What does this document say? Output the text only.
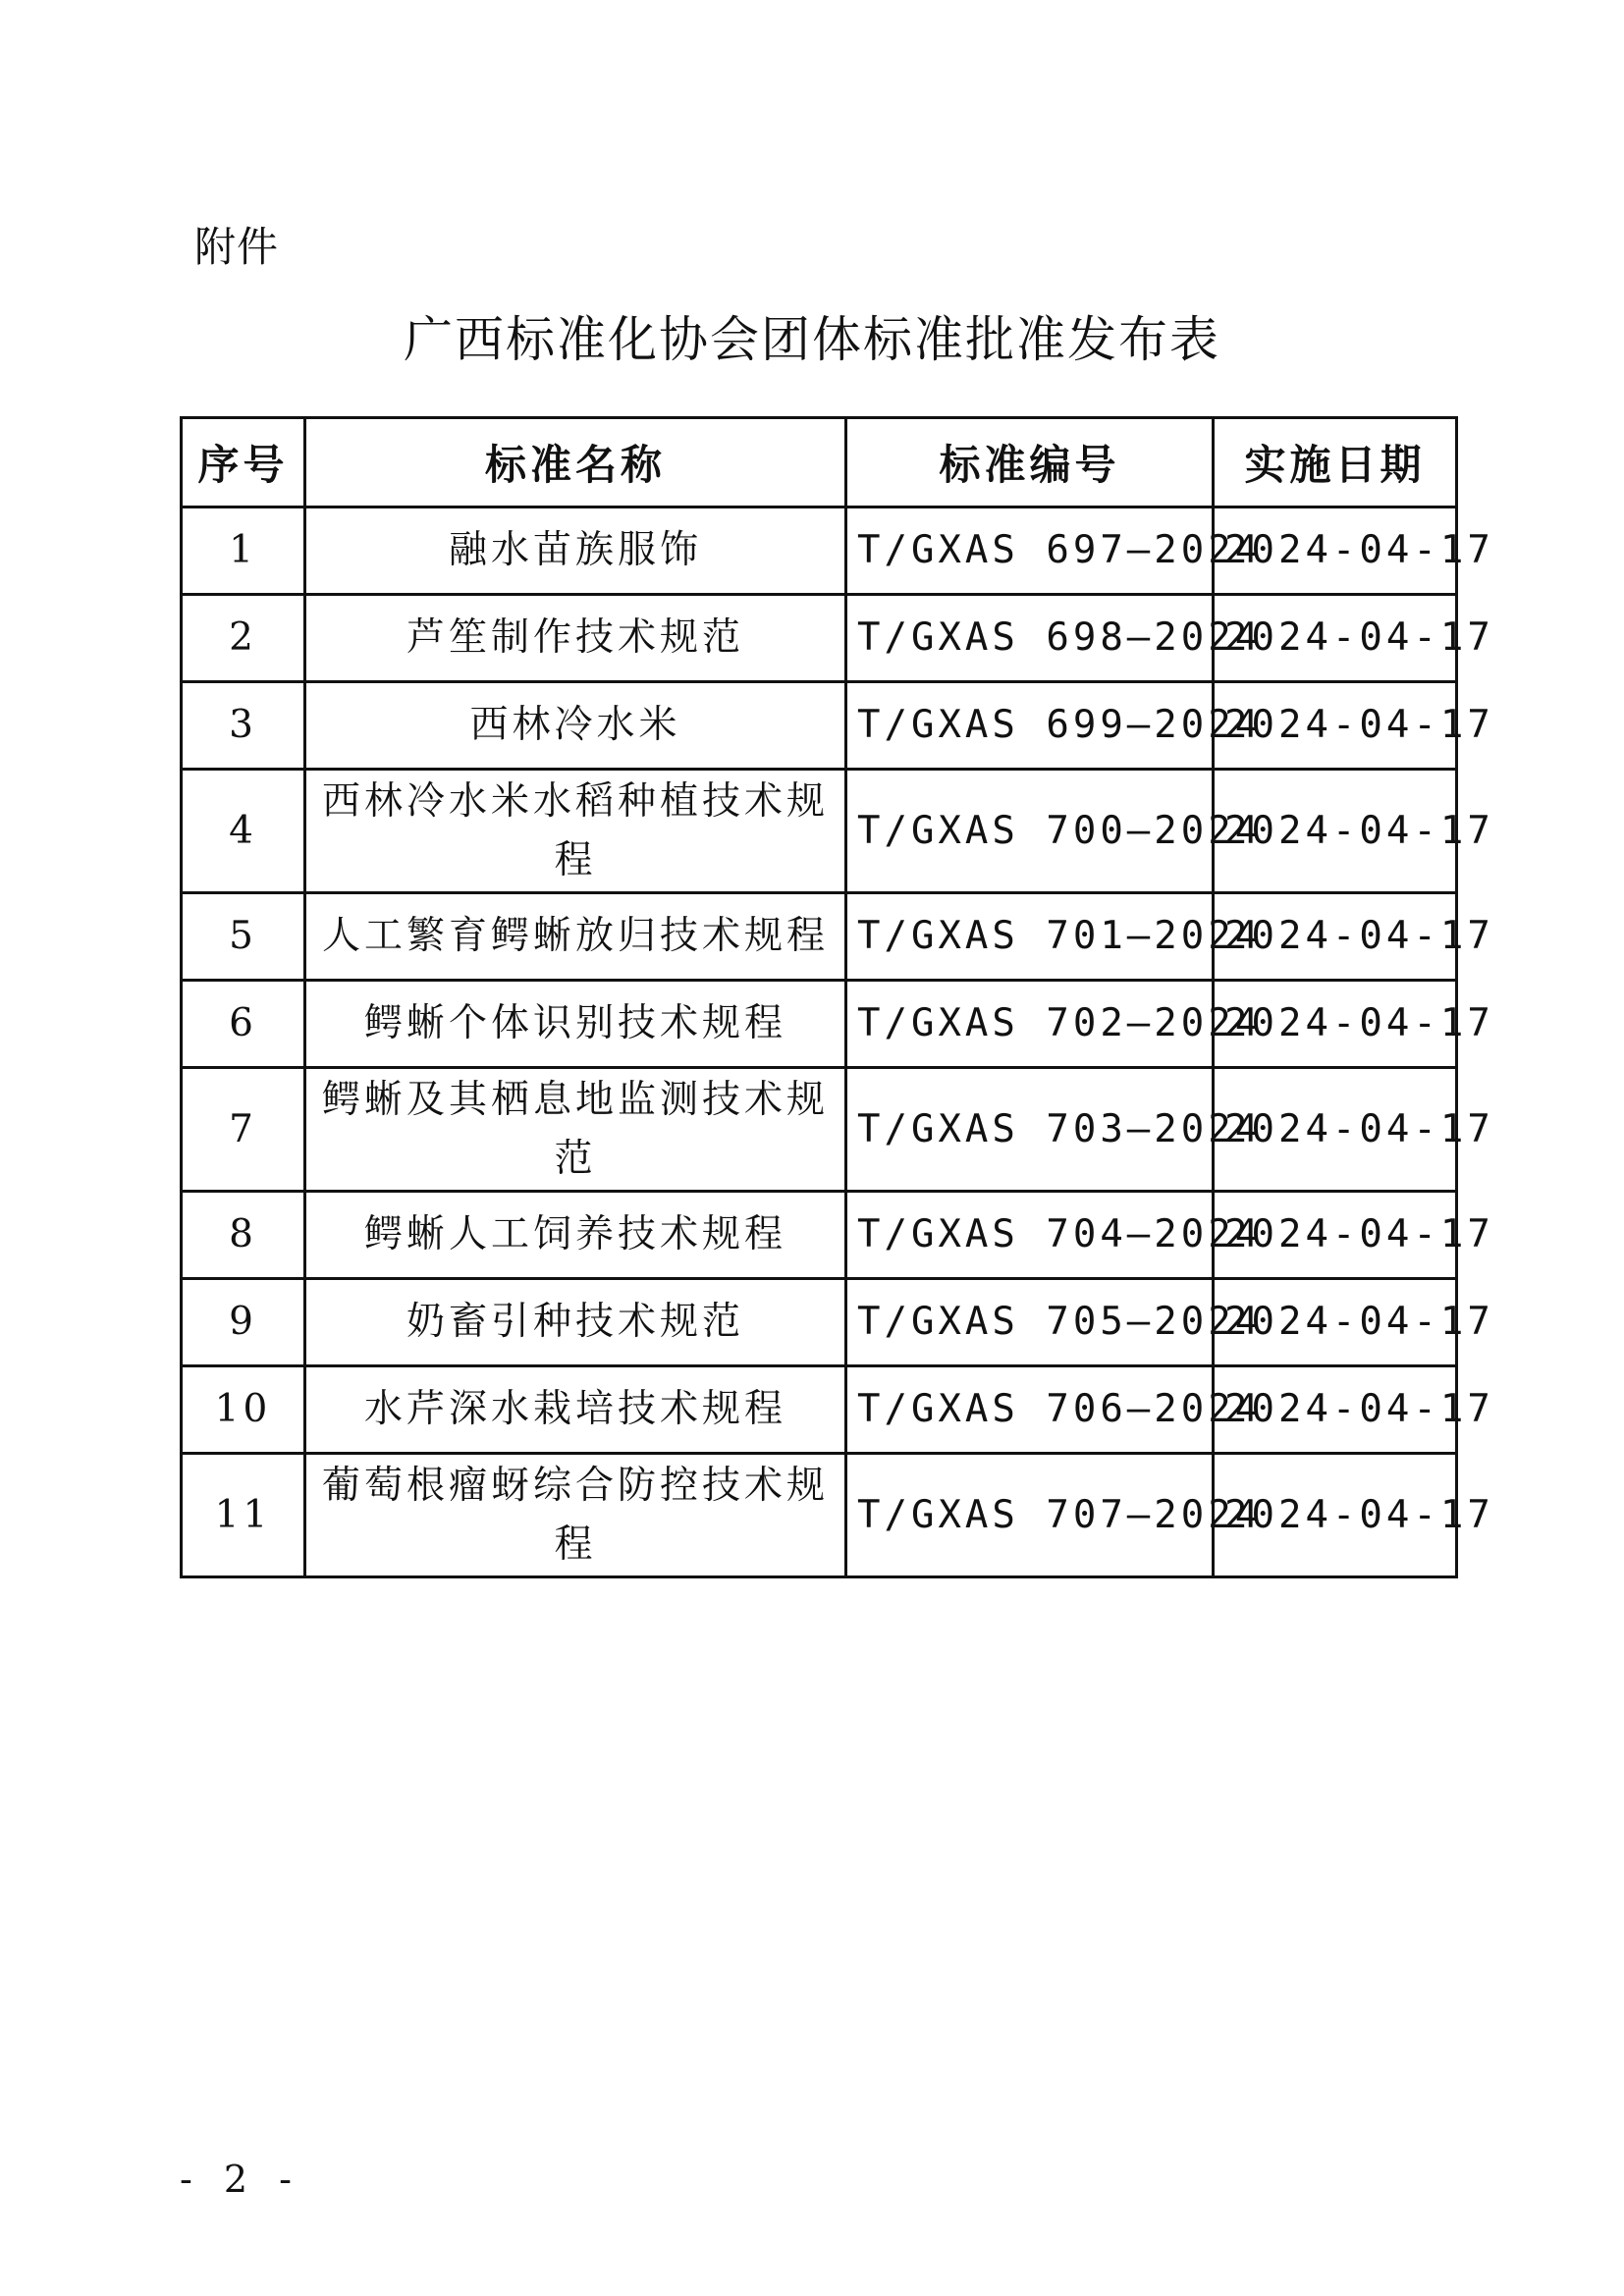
附件
广西标准化协会团体标准批准发布表
序号	标准名称	标准编号	实施日期
1	融水苗族服饰	T/GXAS 697—2024	2024-04-17
2	芦笙制作技术规范	T/GXAS 698—2024	2024-04-17
3	西林冷水米	T/GXAS 699—2024	2024-04-17
4	西林冷水米水稻种植技术规程	T/GXAS 700—2024	2024-04-17
5	人工繁育鳄蜥放归技术规程	T/GXAS 701—2024	2024-04-17
6	鳄蜥个体识别技术规程	T/GXAS 702—2024	2024-04-17
7	鳄蜥及其栖息地监测技术规范	T/GXAS 703—2024	2024-04-17
8	鳄蜥人工饲养技术规程	T/GXAS 704—2024	2024-04-17
9	奶畜引种技术规范	T/GXAS 705—2024	2024-04-17
10	水芹深水栽培技术规程	T/GXAS 706—2024	2024-04-17
11	葡萄根瘤蚜综合防控技术规程	T/GXAS 707—2024	2024-04-17
- 2 -
